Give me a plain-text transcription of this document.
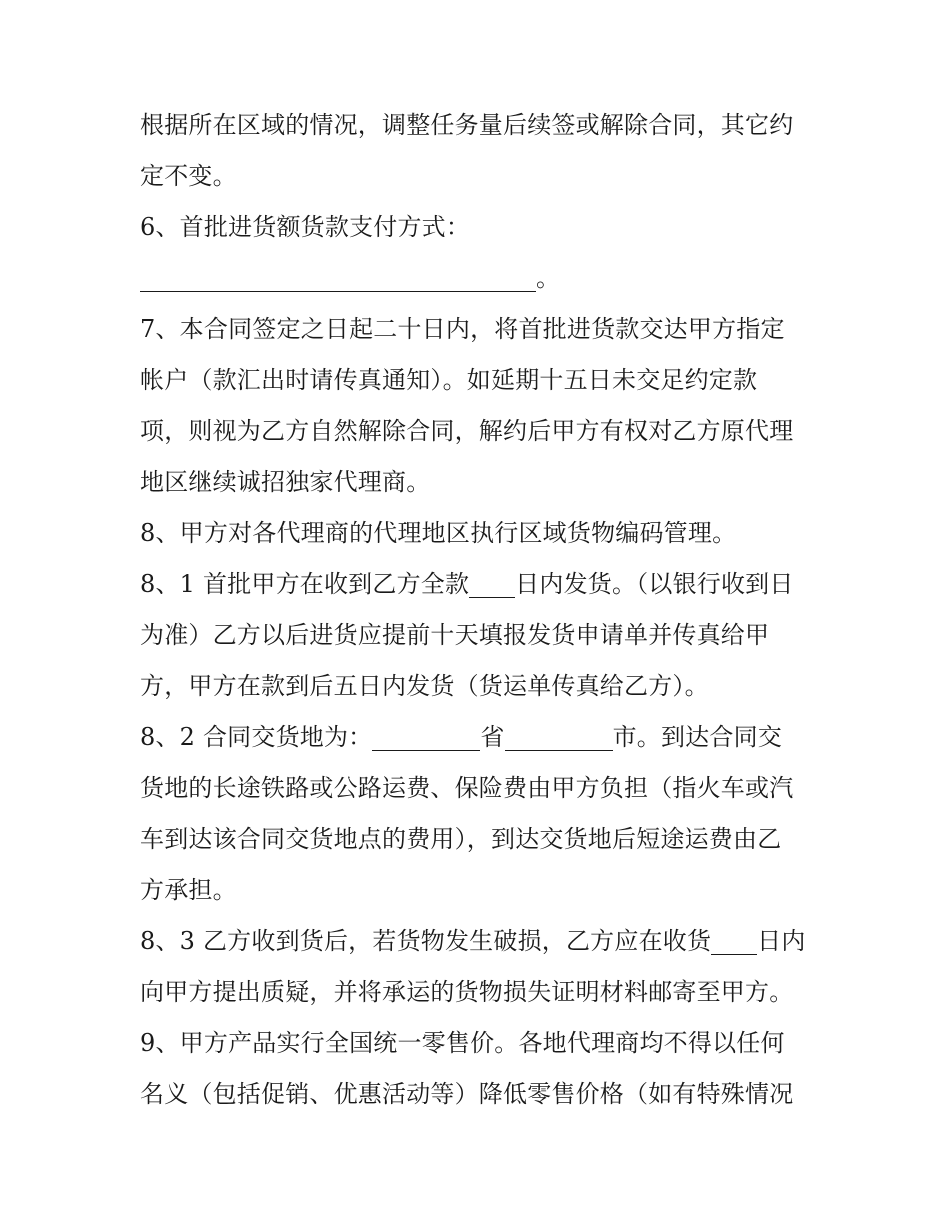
根据所在区域的情况，调整任务量后续签或解除合同，其它约
定不变。
6、首批进货额货款支付方式：
。
7、本合同签定之日起二十日内，将首批进货款交达甲方指定
帐户（款汇出时请传真通知）。如延期十五日未交足约定款
项，则视为乙方自然解除合同，解约后甲方有权对乙方原代理
地区继续诚招独家代理商。
8、甲方对各代理商的代理地区执行区域货物编码管理。
8、1 首批甲方在收到乙方全款 日内发货。（以银行收到日
为准）乙方以后进货应提前十天填报发货申请单并传真给甲
方，甲方在款到后五日内发货（货运单传真给乙方）。
8、2 合同交货地为：	省	市。到达合同交
货地的长途铁路或公路运费、保险费由甲方负担（指火车或汽
车到达该合同交货地点的费用），到达交货地后短途运费由乙
方承担。
8、3 乙方收到货后，若货物发生破损，乙方应在收货 日内
向甲方提出质疑，并将承运的货物损失证明材料邮寄至甲方。
9、甲方产品实行全国统一零售价。各地代理商均不得以任何
名义（包括促销、优惠活动等）降低零售价格（如有特殊情况
